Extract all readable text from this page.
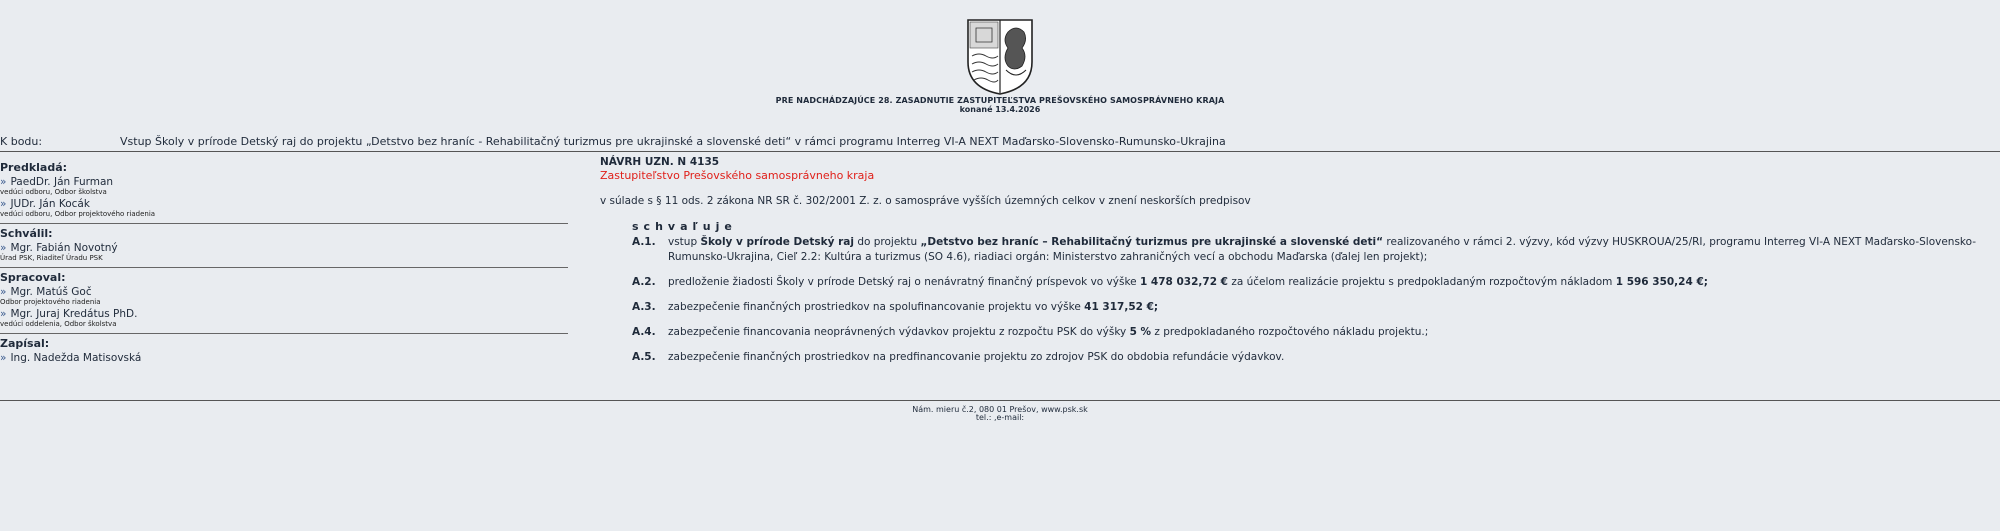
PRE NADCHÁDZAJÚCE 28. ZASADNUTIE ZASTUPITEĽSTVA PREŠOVSKÉHO SAMOSPRÁVNEHO KRAJA
konané 13.4.2026
K bodu:	Vstup Školy v prírode Detský raj do projektu „Detstvo bez hraníc - Rehabilitačný turizmus pre ukrajinské a slovenské deti“ v rámci programu Interreg VI-A NEXT Maďarsko-Slovensko-Rumunsko-Ukrajina
Predkladá:
» PaedDr. Ján Furman
vedúci odboru, Odbor školstva
» JUDr. Ján Kocák
vedúci odboru, Odbor projektového riadenia
Schválil:
» Mgr. Fabián Novotný
Úrad PSK, Riaditeľ Úradu PSK
Spracoval:
» Mgr. Matúš Goč
Odbor projektového riadenia
» Mgr. Juraj Kredátus PhD.
vedúci oddelenia, Odbor školstva
Zapísal:
» Ing. Nadežda Matisovská
NÁVRH UZN. N 4135
Zastupiteľstvo Prešovského samosprávneho kraja
v súlade s § 11 ods. 2 zákona NR SR č. 302/2001 Z. z. o samospráve vyšších územných celkov v znení neskorších predpisov
schvaľuje
A.1.	vstup Školy v prírode Detský raj do projektu „Detstvo bez hraníc – Rehabilitačný turizmus pre ukrajinské a slovenské deti“ realizovaného v rámci 2. výzvy, kód výzvy HUSKROUA/25/RI, programu Interreg VI-A NEXT Maďarsko-Slovensko-Rumunsko-Ukrajina, Cieľ 2.2: Kultúra a turizmus (SO 4.6), riadiaci orgán: Ministerstvo zahraničných vecí a obchodu Maďarska (ďalej len projekt);
A.2.	predloženie žiadosti Školy v prírode Detský raj o nenávratný finančný príspevok vo výške 1 478 032,72 € za účelom realizácie projektu s predpokladaným rozpočtovým nákladom 1 596 350,24 €;
A.3.	zabezpečenie finančných prostriedkov na spolufinancovanie projektu vo výške 41 317,52 €;
A.4.	zabezpečenie financovania neoprávnených výdavkov projektu z rozpočtu PSK do výšky 5 % z predpokladaného rozpočtového nákladu projektu.;
A.5.	zabezpečenie finančných prostriedkov na predfinancovanie projektu zo zdrojov PSK do obdobia refundácie výdavkov.
Nám. mieru č.2, 080 01 Prešov, www.psk.sk
tel.: ,e-mail:
